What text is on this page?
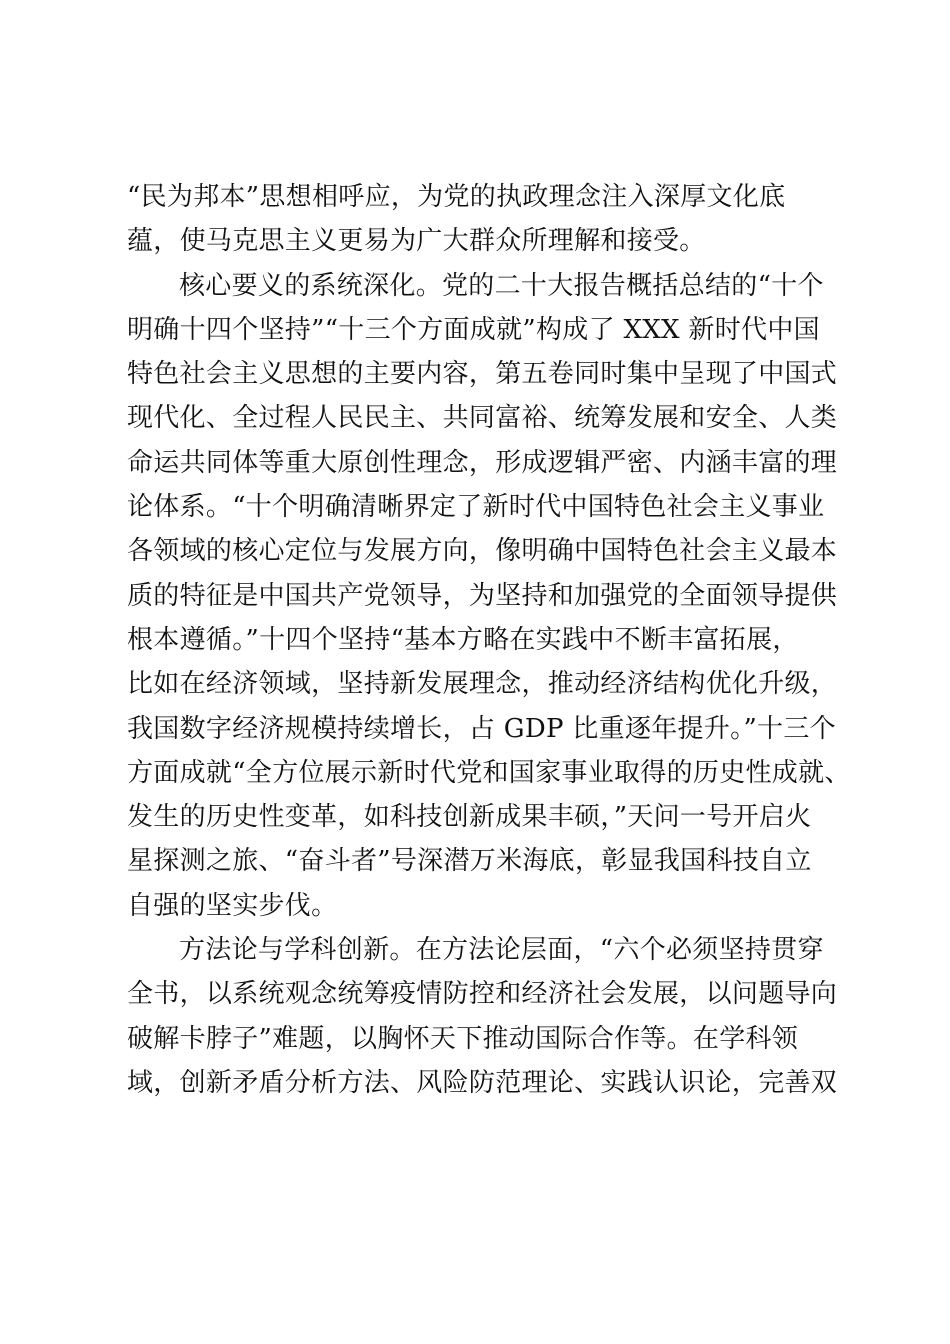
“民为邦本”思想相呼应，为党的执政理念注入深厚文化底
蕴，使马克思主义更易为广大群众所理解和接受。
核心要义的系统深化。党的二十大报告概括总结的“十个
明确十四个坚持”“十三个方面成就”构成了 XXX 新时代中国
特色社会主义思想的主要内容，第五卷同时集中呈现了中国式
现代化、全过程人民民主、共同富裕、统筹发展和安全、人类
命运共同体等重大原创性理念，形成逻辑严密、内涵丰富的理
论体系。“十个明确清晰界定了新时代中国特色社会主义事业
各领域的核心定位与发展方向，像明确中国特色社会主义最本
质的特征是中国共产党领导，为坚持和加强党的全面领导提供
根本遵循。”十四个坚持“基本方略在实践中不断丰富拓展，
比如在经济领域，坚持新发展理念，推动经济结构优化升级，
我国数字经济规模持续增长，占 GDP 比重逐年提升。”十三个
方面成就“全方位展示新时代党和国家事业取得的历史性成就、
发生的历史性变革，如科技创新成果丰硕，”天问一号开启火
星探测之旅、“奋斗者”号深潜万米海底，彰显我国科技自立
自强的坚实步伐。
方法论与学科创新。在方法论层面，“六个必须坚持贯穿
全书，以系统观念统筹疫情防控和经济社会发展，以问题导向
破解卡脖子”难题，以胸怀天下推动国际合作等。在学科领
域，创新矛盾分析方法、风险防范理论、实践认识论，完善双
